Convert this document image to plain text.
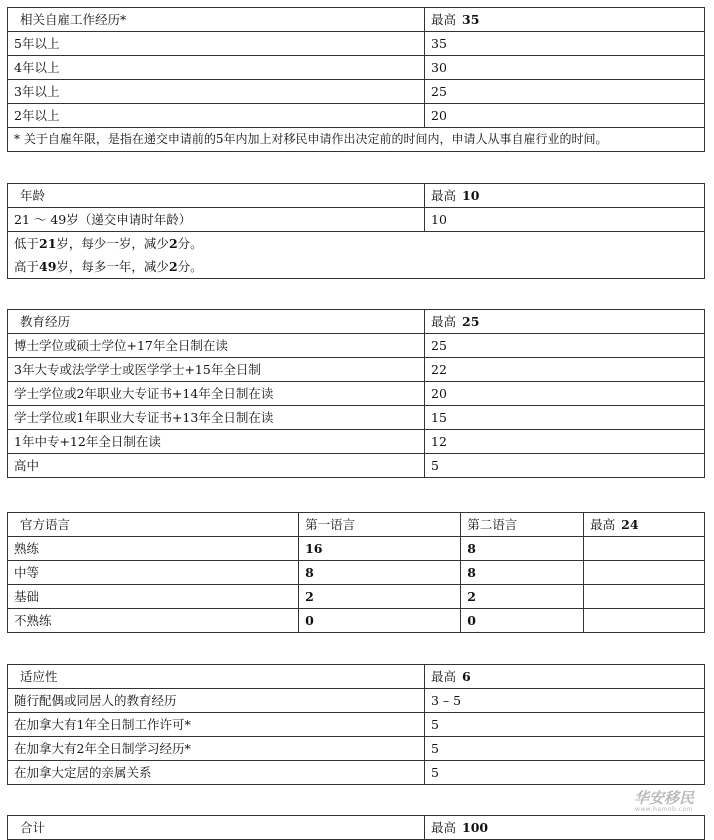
相关自雇工作经历*	最高 35
5年以上	35
4年以上	30
3年以上	25
2年以上	20
* 关于自雇年限，是指在递交申请前的5年内加上对移民申请作出决定前的时间内，申请人从事自雇行业的时间。	
年龄	最高 10
21 ～ 49岁（递交申请时年龄）	10
低于21岁，每少一岁，减少2分。	
高于49岁，每多一年，减少2分。	
教育经历	最高 25
博士学位或硕士学位+17年全日制在读	25
3年大专或法学学士或医学学士+15年全日制	22
学士学位或2年职业大专证书+14年全日制在读	20
学士学位或1年职业大专证书+13年全日制在读	15
1年中专+12年全日制在读	12
高中	5
官方语言	第一语言	第二语言	最高 24
熟练	16	8	
中等	8	8	
基础	2	2	
不熟练	0	0	
适应性	最高 6
随行配偶或同居人的教育经历	3 – 5
在加拿大有1年全日制工作许可*	5
在加拿大有2年全日制学习经历*	5
在加拿大定居的亲属关系	5
合计	最高 100
华安移民
www.hamob.com
